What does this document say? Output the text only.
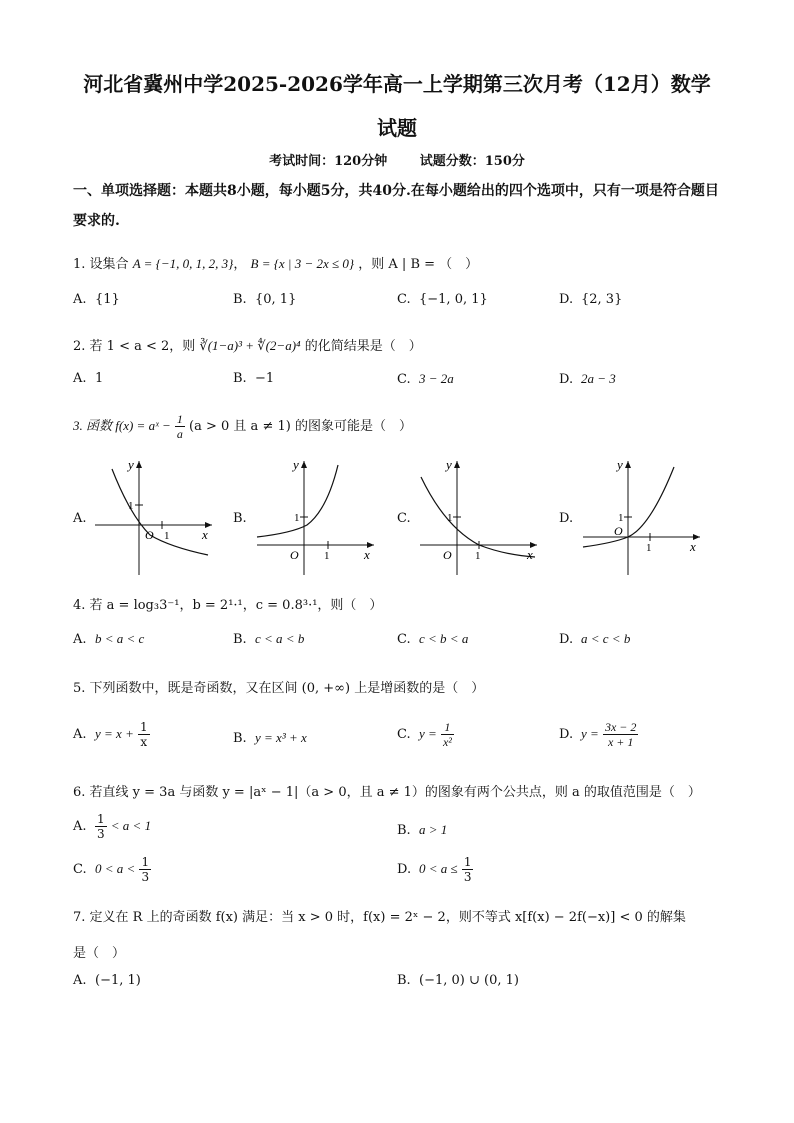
河北省冀州中学2025-2026学年高一上学期第三次月考（12月）数学
试题
考试时间：120分钟	试题分数：150分
一、单项选择题：本题共8小题，每小题5分，共40分.在每小题给出的四个选项中，只有一项是符合题目要求的.
1. 设集合 A = {−1, 0, 1, 2, 3}， B = {x | 3 − 2x ≤ 0} ，则 A | B = （　）
A. {1}	B. {0, 1}	C. {−1, 0, 1}	D. {2, 3}
2. 若 1 < a < 2，则 ∛(1−a)³ + ∜(2−a)⁴ 的化简结果是（　）
A. 1	B. −1	C. 3 − 2a	D. 2a − 3
3. 函数 f(x) = aˣ − $\frac{1}{a} (a > 0$ 且 a ≠ 1) 的图象可能是（　）
A.
O 1
1
x
y
B.
O 1
1
x
y
C.
O 1
1
x
y
D.
O
1
1
x
y
4. 若 a = log₃3⁻¹，b = 2¹·¹，c = 0.8³·¹，则（　）
A. b < a < c	B. c < a < b	C. c < b < a	D. a < c < b
5. 下列函数中，既是奇函数，又在区间 (0, +∞) 上是增函数的是（　）
A. $y = x + \frac{1}{x}$	B. y = x³ + x	C. $y = \frac{1}{\text{x²}}$	D. $y = \frac{3x - 2}{x + 1}$
6. 若直线 y = 3a 与函数 y = |aˣ − 1|（a > 0，且 a ≠ 1）的图象有两个公共点，则 a 的取值范围是（　）
A. $\frac{1}{3} < a < 1$	B. a > 1
C. $0 < a < \frac{1}{3}$	D. $0 < a \le \frac{1}{3}$
7. 定义在 R 上的奇函数 f(x) 满足：当 x > 0 时，f(x) = 2ˣ − 2，则不等式 x[f(x) − 2f(−x)] < 0 的解集
是（　）
A. (−1, 1)	B. (−1, 0) ∪ (0, 1)
